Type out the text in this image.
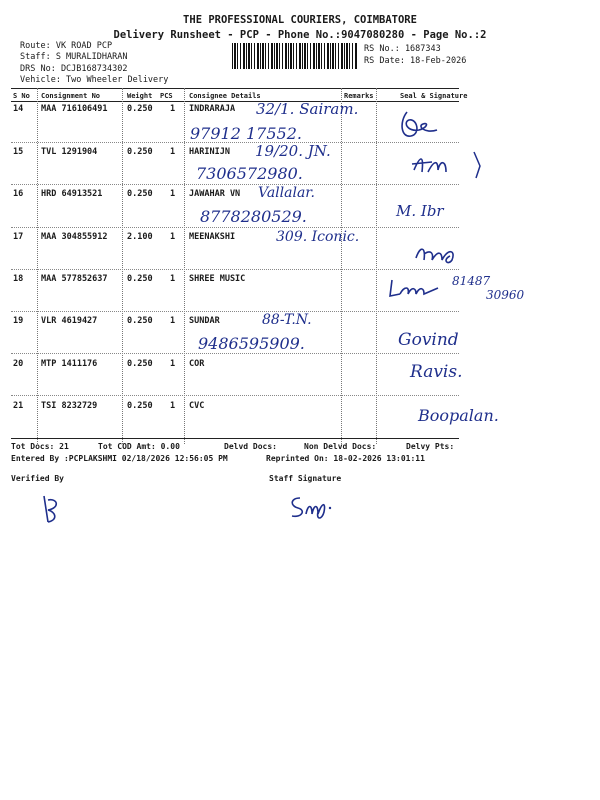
THE PROFESSIONAL COURIERS, COIMBATORE
Delivery Runsheet - PCP - Phone No.:9047080280 - Page No.:2
Route: VK ROAD PCP
Staff: S MURALIDHARAN
DRS No: DCJB168734302
Vehicle: Two Wheeler Delivery
RS No.: 1687343
RS Date: 18-Feb-2026
S No Consignment No	Weight PCS Consignee Details	Remarks	Seal & Signature
14 MAA 716106491 0.250 1 INDRARAJA 32/1. Sairam.
97912 17552.
15 TVL 1291904	0.250 1 HARINIJN 19/20. JN.
7306572980.
16 HRD 64913521	0.250 1 JAWAHAR VN Vallalar.
8778280529.	M. Ibr
17 MAA 304855912 2.100 1 MEENAKSHI	309. Iconic.
18 MAA 577852637 0.250 1 SHREE MUSIC	81487
30960
19 VLR 4619427	0.250 1 SUNDAR	88-T.N.
9486595909.	Govind
20 MTP 1411176	0.250 1 COR	Ravis.
21 TSI 8232729	0.250 1 CVC	Boopalan.
Tot Docs: 21	Tot COD Amt: 0.00	Delvd Docs:	Non Delvd Docs:	Delvy Pts:
Entered By :PCPLAKSHMI 02/18/2026 12:56:05 PM	Reprinted On: 18-02-2026 13:01:11
Verified By	Staff Signature
